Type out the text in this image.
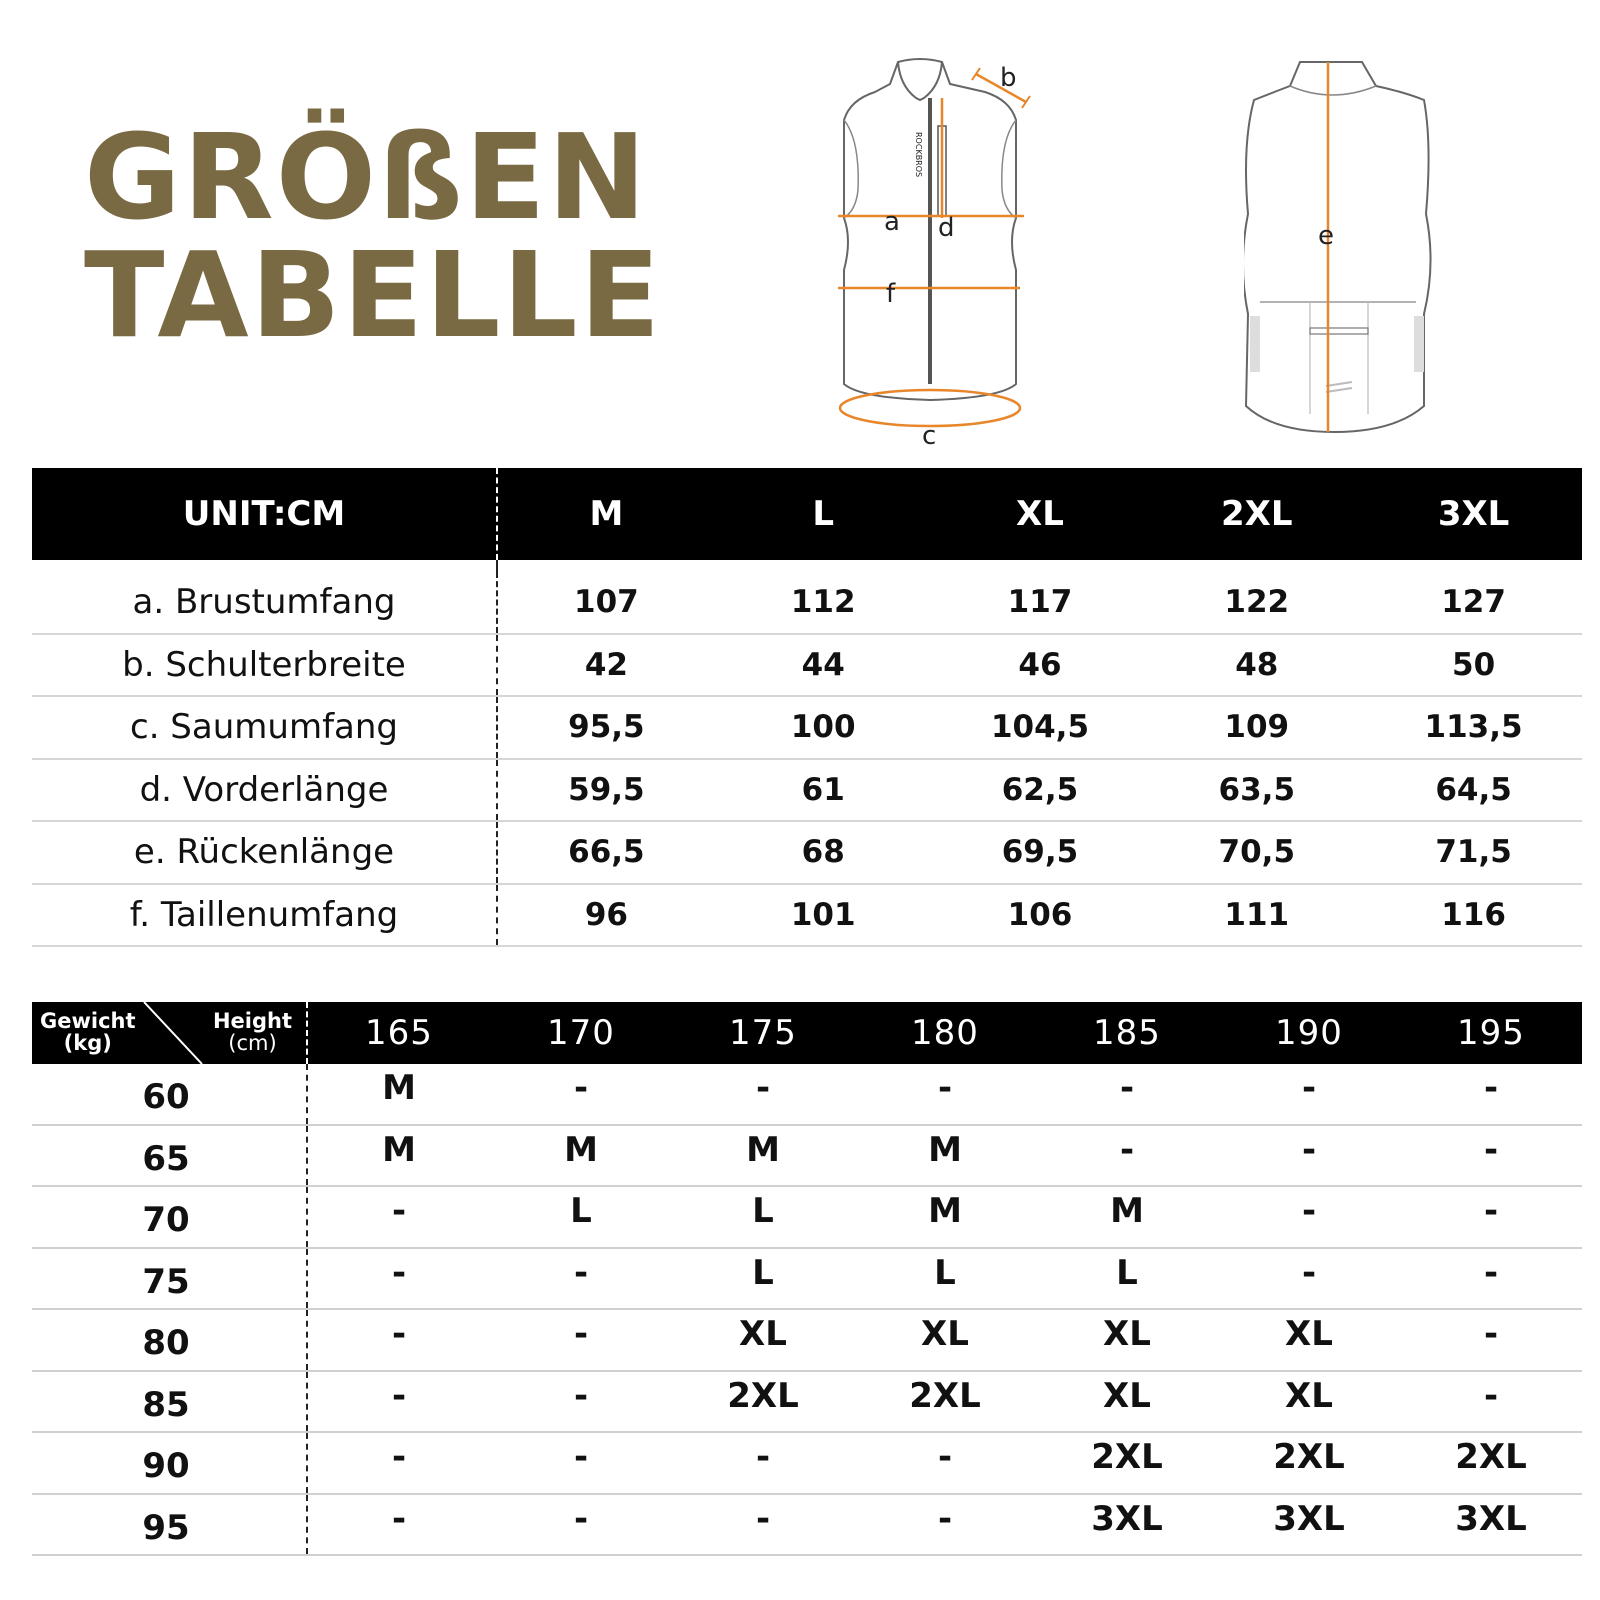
GRÖßEN
TABELLE
ROCKBROS
a d
f
c
b
e
UNIT:CM	M	L	XL	2XL	3XL
a. Brustumfang	107	112	117	122	127
b. Schulterbreite	42	44	46	48	50
c. Saumumfang	95,5	100	104,5	109	113,5
d. Vorderlänge	59,5	61	62,5	63,5	64,5
e. Rückenlänge	66,5	68	69,5	70,5	71,5
f. Taillenumfang	96	101	106	111	116
Gewicht
(kg)
Height
(cm)	165	170	175	180	185	190	195
60	M	-	-	-	-	-	-
65	M	M	M	M	-	-	-
70	-	L	L	M	M	-	-
75	-	-	L	L	L	-	-
80	-	-	XL	XL	XL	XL	-
85	-	-	2XL	2XL	XL	XL	-
90	-	-	-	-	2XL	2XL	2XL
95	-	-	-	-	3XL	3XL	3XL
